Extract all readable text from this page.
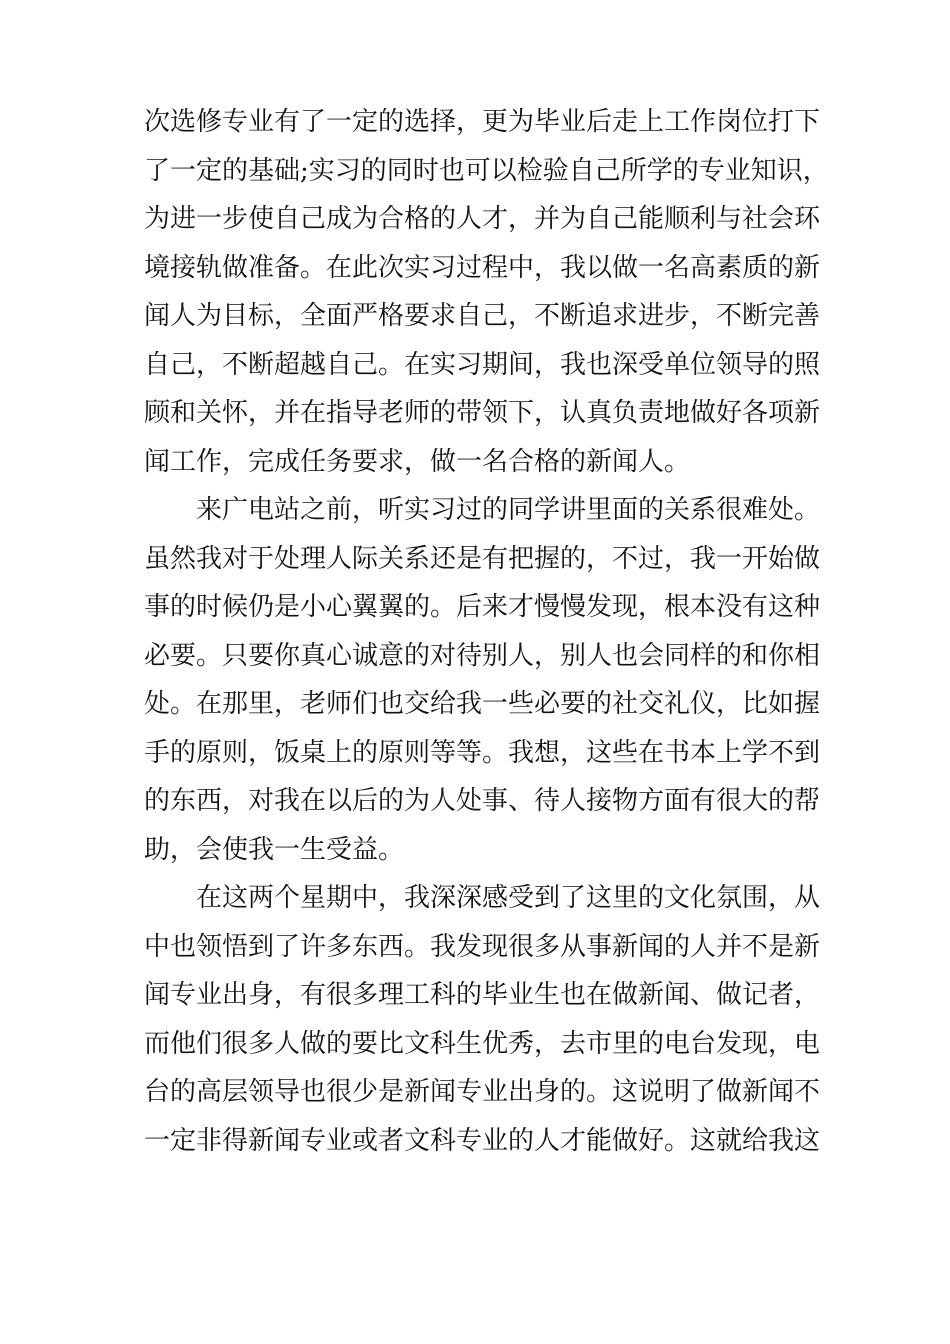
次选修专业有了一定的选择，更为毕业后走上工作岗位打下
了一定的基础;实习的同时也可以检验自己所学的专业知识，
为进一步使自己成为合格的人才，并为自己能顺利与社会环
境接轨做准备。在此次实习过程中，我以做一名高素质的新
闻人为目标，全面严格要求自己，不断追求进步，不断完善
自己，不断超越自己。在实习期间，我也深受单位领导的照
顾和关怀，并在指导老师的带领下，认真负责地做好各项新
闻工作，完成任务要求，做一名合格的新闻人。
来广电站之前，听实习过的同学讲里面的关系很难处。
虽然我对于处理人际关系还是有把握的，不过，我一开始做
事的时候仍是小心翼翼的。后来才慢慢发现，根本没有这种
必要。只要你真心诚意的对待别人，别人也会同样的和你相
处。在那里，老师们也交给我一些必要的社交礼仪，比如握
手的原则，饭桌上的原则等等。我想，这些在书本上学不到
的东西，对我在以后的为人处事、待人接物方面有很大的帮
助，会使我一生受益。
在这两个星期中，我深深感受到了这里的文化氛围，从
中也领悟到了许多东西。我发现很多从事新闻的人并不是新
闻专业出身，有很多理工科的毕业生也在做新闻、做记者，
而他们很多人做的要比文科生优秀，去市里的电台发现，电
台的高层领导也很少是新闻专业出身的。这说明了做新闻不
一定非得新闻专业或者文科专业的人才能做好。这就给我这
